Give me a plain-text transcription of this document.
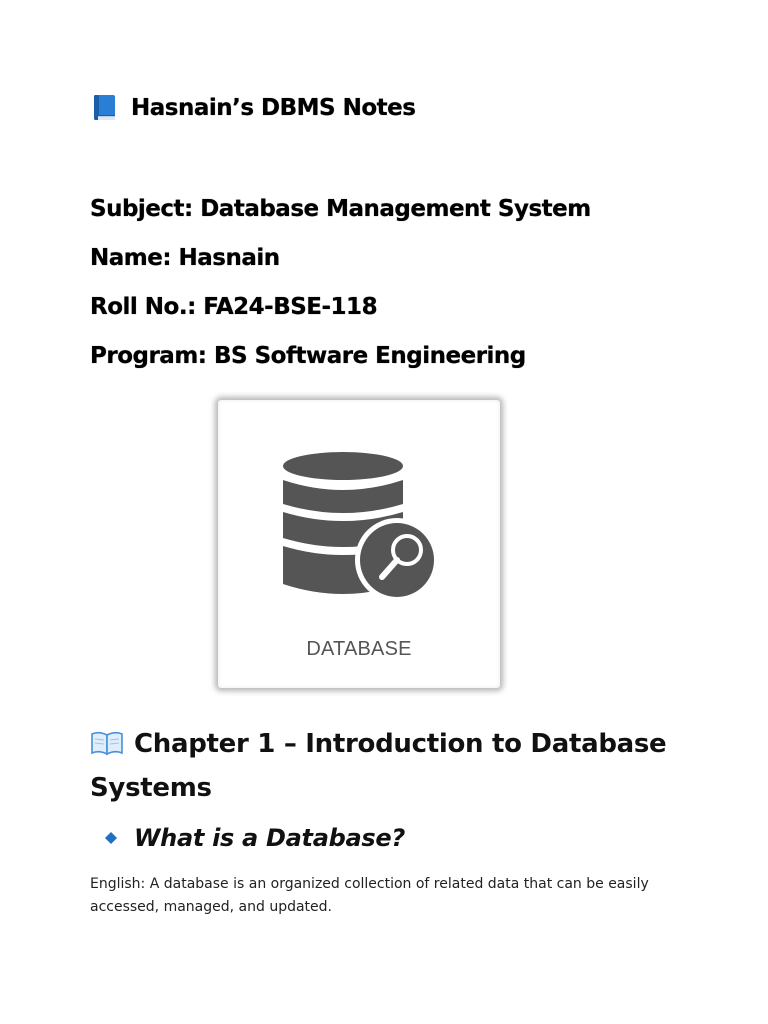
Hasnain’s DBMS Notes
Subject: Database Management System
Name: Hasnain
Roll No.: FA24-BSE-118
Program: BS Software Engineering
DATABASE
Chapter 1 – Introduction to Database Systems
What is a Database?
English: A database is an organized collection of related data that can be easily accessed, managed, and updated.
